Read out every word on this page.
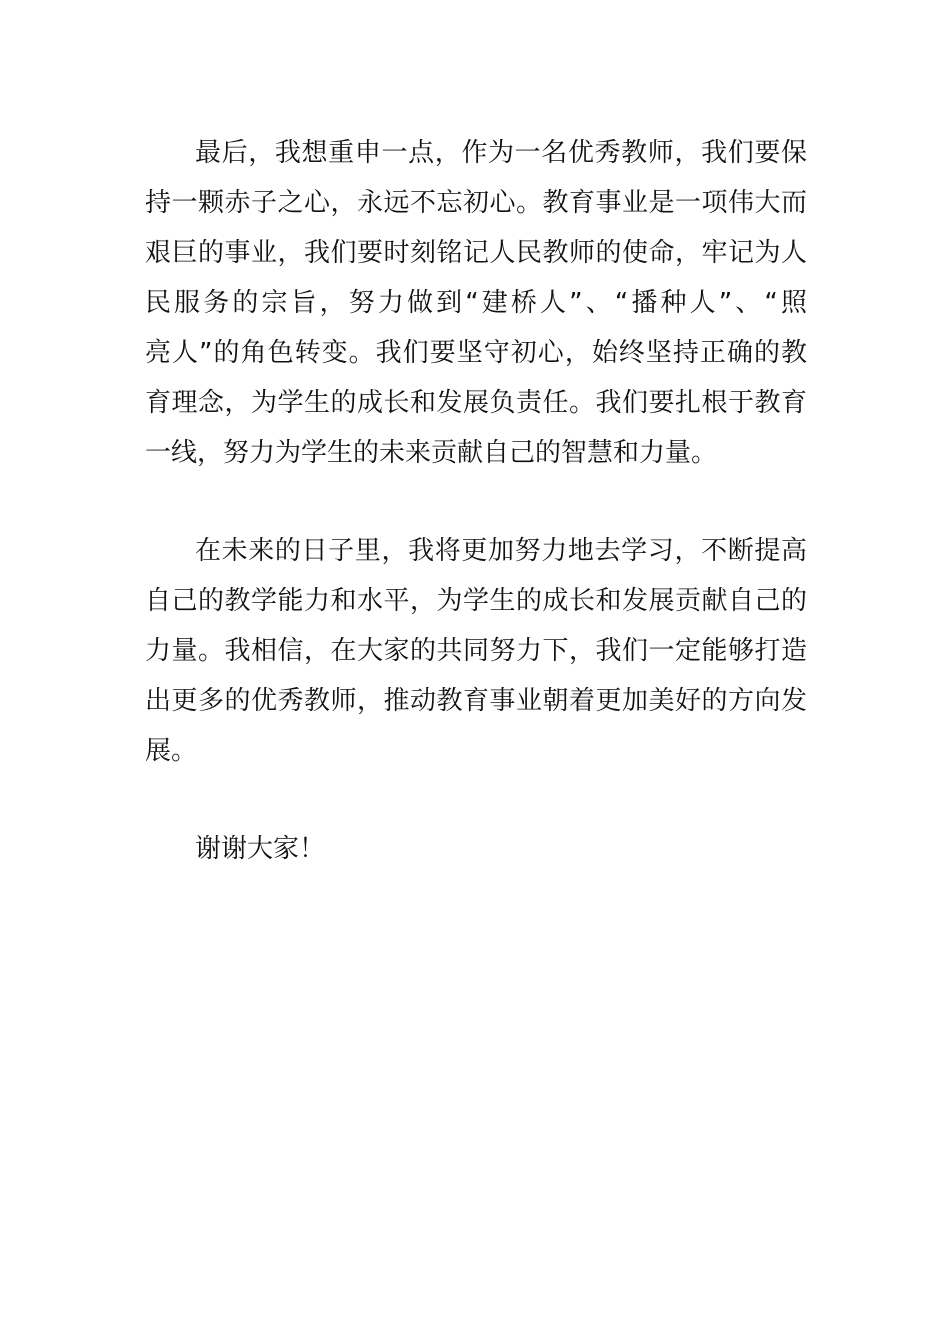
最后，我想重申一点，作为一名优秀教师，我们要保
持一颗赤子之心，永远不忘初心。教育事业是一项伟大而
艰巨的事业，我们要时刻铭记人民教师的使命，牢记为人
民服务的宗旨，努力做到“建桥人”、“播种人”、“照
亮人”的角色转变。我们要坚守初心，始终坚持正确的教
育理念，为学生的成长和发展负责任。我们要扎根于教育
一线，努力为学生的未来贡献自己的智慧和力量。
在未来的日子里，我将更加努力地去学习，不断提高
自己的教学能力和水平，为学生的成长和发展贡献自己的
力量。我相信，在大家的共同努力下，我们一定能够打造
出更多的优秀教师，推动教育事业朝着更加美好的方向发
展。
谢谢大家！
